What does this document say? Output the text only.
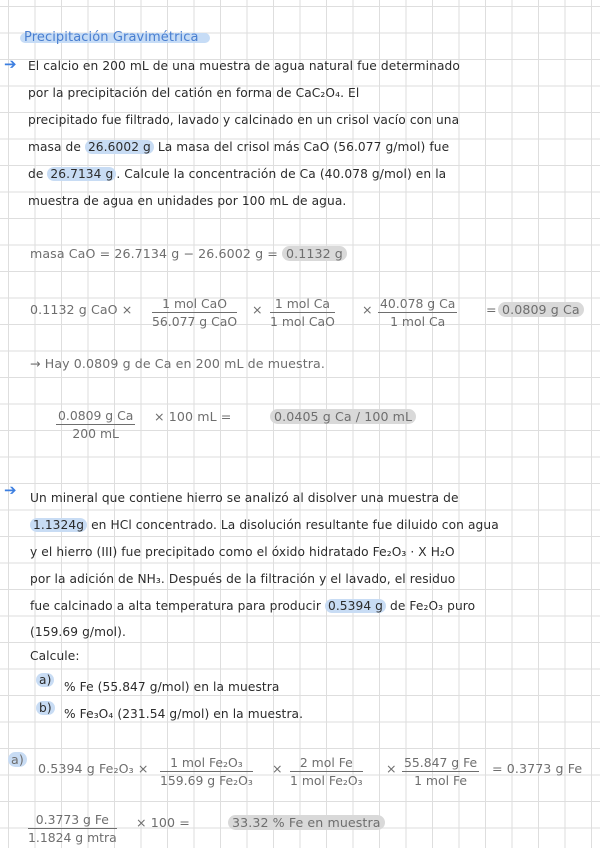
Precipitación Gravimétrica
➔ El calcio en 200 mL de una muestra de agua natural fue determinado
por la precipitación del catión en forma de CaC₂O₄. El
precipitado fue filtrado, lavado y calcinado en un crisol vacío con una
masa de 26.6002 g La masa del crisol más CaO (56.077 g/mol) fue
de 26.7134 g . Calcule la concentración de Ca (40.078 g/mol) en la
muestra de agua en unidades por 100 mL de agua.
masa CaO = 26.7134 g − 26.6002 g = 0.1132 g
0.1132 g CaO ×	1 mol CaO
56.077 g CaO
× 1 mol Ca
1 mol CaO
× 40.078 g Ca
1 mol Ca
= 0.0809 g Ca
→ Hay 0.0809 g de Ca en 200 mL de muestra.
$\frac{\text{0.0809 g Ca}}{200 mL} \times 100$ mL =	0.0405 g Ca / 100 mL
➔ Un mineral que contiene hierro se analizó al disolver una muestra de
1.1324g en HCl concentrado. La disolución resultante fue diluido con agua
y el hierro (III) fue precipitado como el óxido hidratado Fe₂O₃ · X H₂O
por la adición de NH₃. Después de la filtración y el lavado, el residuo
fue calcinado a alta temperatura para producir 0.5394 g de Fe₂O₃ puro
(159.69 g/mol).
Calcule:
a) % Fe (55.847 g/mol) en la muestra
b) % Fe₃O₄ (231.54 g/mol) en la muestra.
a)
0.5394 g Fe₂O₃ ×	1 mol Fe₂O₃
159.69 g Fe₂O₃
×	2 mol Fe
1 mol Fe₂O₃
× 55.847 g Fe
1 mol Fe
= 0.3773 g Fe
0.3773 g Fe
1.1824 g mtra
× 100 =	33.32 % Fe en muestra
